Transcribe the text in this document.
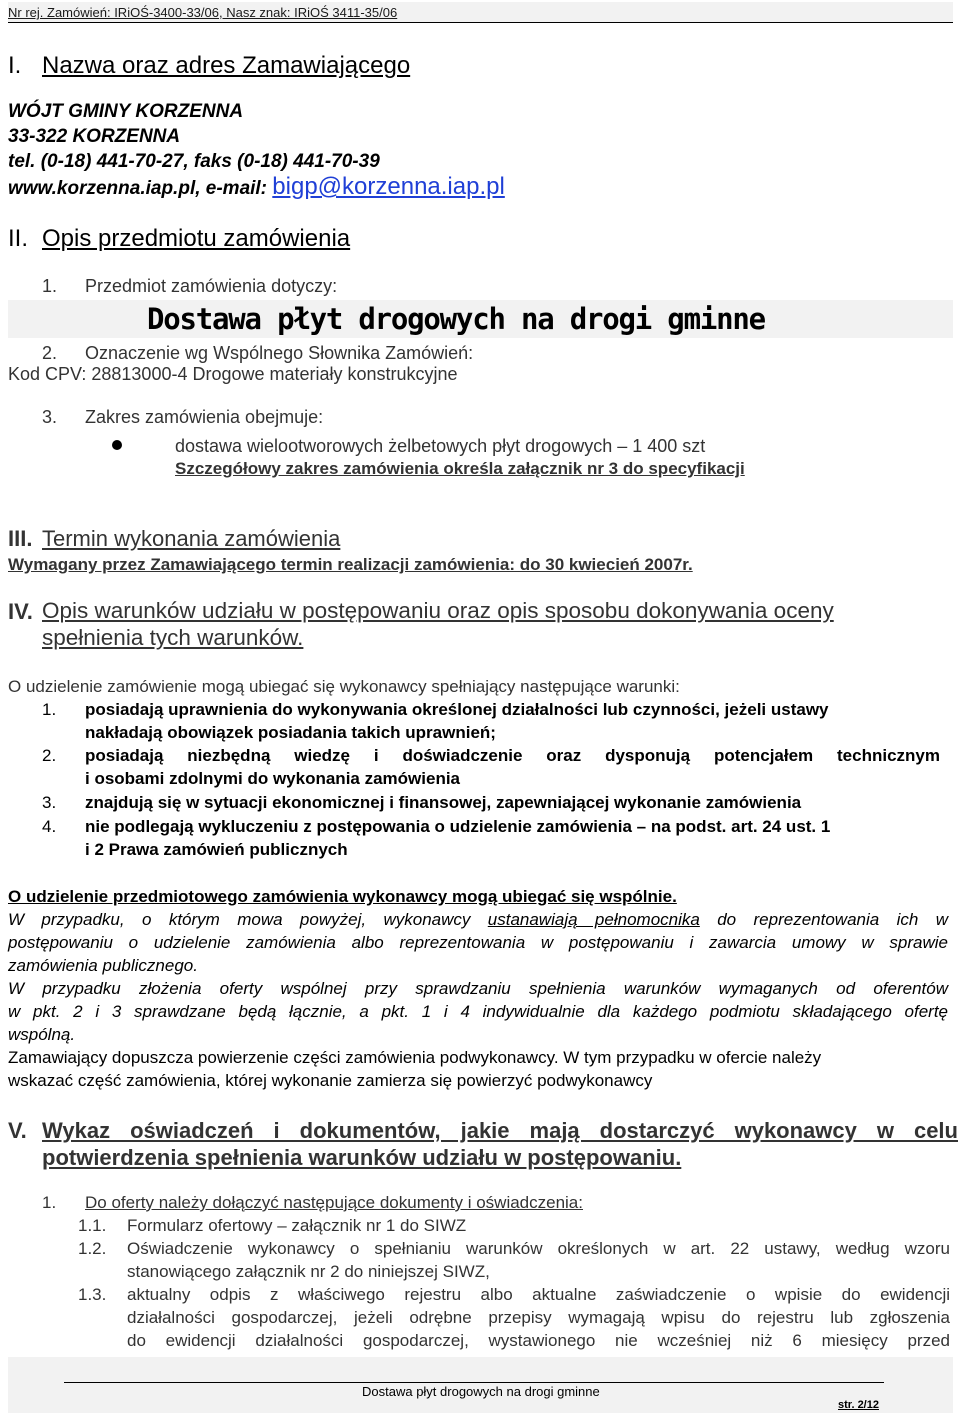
Nr rej. Zamówień: IRiOŚ-3400-33/06, Nasz znak: IRiOŚ 3411-35/06
I. Nazwa oraz adres Zamawiającego
WÓJT GMINY KORZENNA
33-322 KORZENNA
tel. (0-18) 441-70-27, faks (0-18) 441-70-39
www.korzenna.iap.pl, e-mail: bigp@korzenna.iap.pl
II. Opis przedmiotu zamówienia
1. Przedmiot zamówienia dotyczy:
Dostawa płyt drogowych na drogi gminne
2. Oznaczenie wg Wspólnego Słownika Zamówień:
Kod CPV: 28813000-4 Drogowe materiały konstrukcyjne
3. Zakres zamówienia obejmuje:
dostawa wielootworowych żelbetowych płyt drogowych – 1 400 szt
Szczegółowy zakres zamówienia określa załącznik nr 3 do specyfikacji
III. Termin wykonania zamówienia
Wymagany przez Zamawiającego termin realizacji zamówienia: do 30 kwiecień 2007r.
IV. Opis warunków udziału w postępowaniu oraz opis sposobu dokonywania oceny
spełnienia tych warunków.
O udzielenie zamówienie mogą ubiegać się wykonawcy spełniający następujące warunki:
1. posiadają uprawnienia do wykonywania określonej działalności lub czynności, jeżeli ustawy
nakładają obowiązek posiadania takich uprawnień;
2. posiadają niezbędną wiedzę i doświadczenie oraz dysponują potencjałem technicznym
i osobami zdolnymi do wykonania zamówienia
3. znajdują się w sytuacji ekonomicznej i finansowej, zapewniającej wykonanie zamówienia
4. nie podlegają wykluczeniu z postępowania o udzielenie zamówienia – na podst. art. 24 ust. 1
i 2 Prawa zamówień publicznych
O udzielenie przedmiotowego zamówienia wykonawcy mogą ubiegać się wspólnie.
W przypadku, o którym mowa powyżej, wykonawcy ustanawiają pełnomocnika do reprezentowania ich w
postępowaniu o udzielenie zamówienia albo reprezentowania w postępowaniu i zawarcia umowy w sprawie
zamówienia publicznego.
W przypadku złożenia oferty wspólnej przy sprawdzaniu spełnienia warunków wymaganych od oferentów
w pkt. 2 i 3 sprawdzane będą łącznie, a pkt. 1 i 4 indywidualnie dla każdego podmiotu składającego ofertę
wspólną.
Zamawiający dopuszcza powierzenie części zamówienia podwykonawcy. W tym przypadku w ofercie należy
wskazać część zamówienia, której wykonanie zamierza się powierzyć podwykonawcy
V. Wykaz oświadczeń i dokumentów, jakie mają dostarczyć wykonawcy w celu
potwierdzenia spełnienia warunków udziału w postępowaniu.
1. Do oferty należy dołączyć następujące dokumenty i oświadczenia:
1.1. Formularz ofertowy – załącznik nr 1 do SIWZ
1.2. Oświadczenie wykonawcy o spełnianiu warunków określonych w art. 22 ustawy, według wzoru
stanowiącego załącznik nr 2 do niniejszej SIWZ,
1.3. aktualny odpis z właściwego rejestru albo aktualne zaświadczenie o wpisie do ewidencji
działalności gospodarczej, jeżeli odrębne przepisy wymagają wpisu do rejestru lub zgłoszenia
do ewidencji działalności gospodarczej, wystawionego nie wcześniej niż 6 miesięcy przed
Dostawa płyt drogowych na drogi gminne
str. 2/12
